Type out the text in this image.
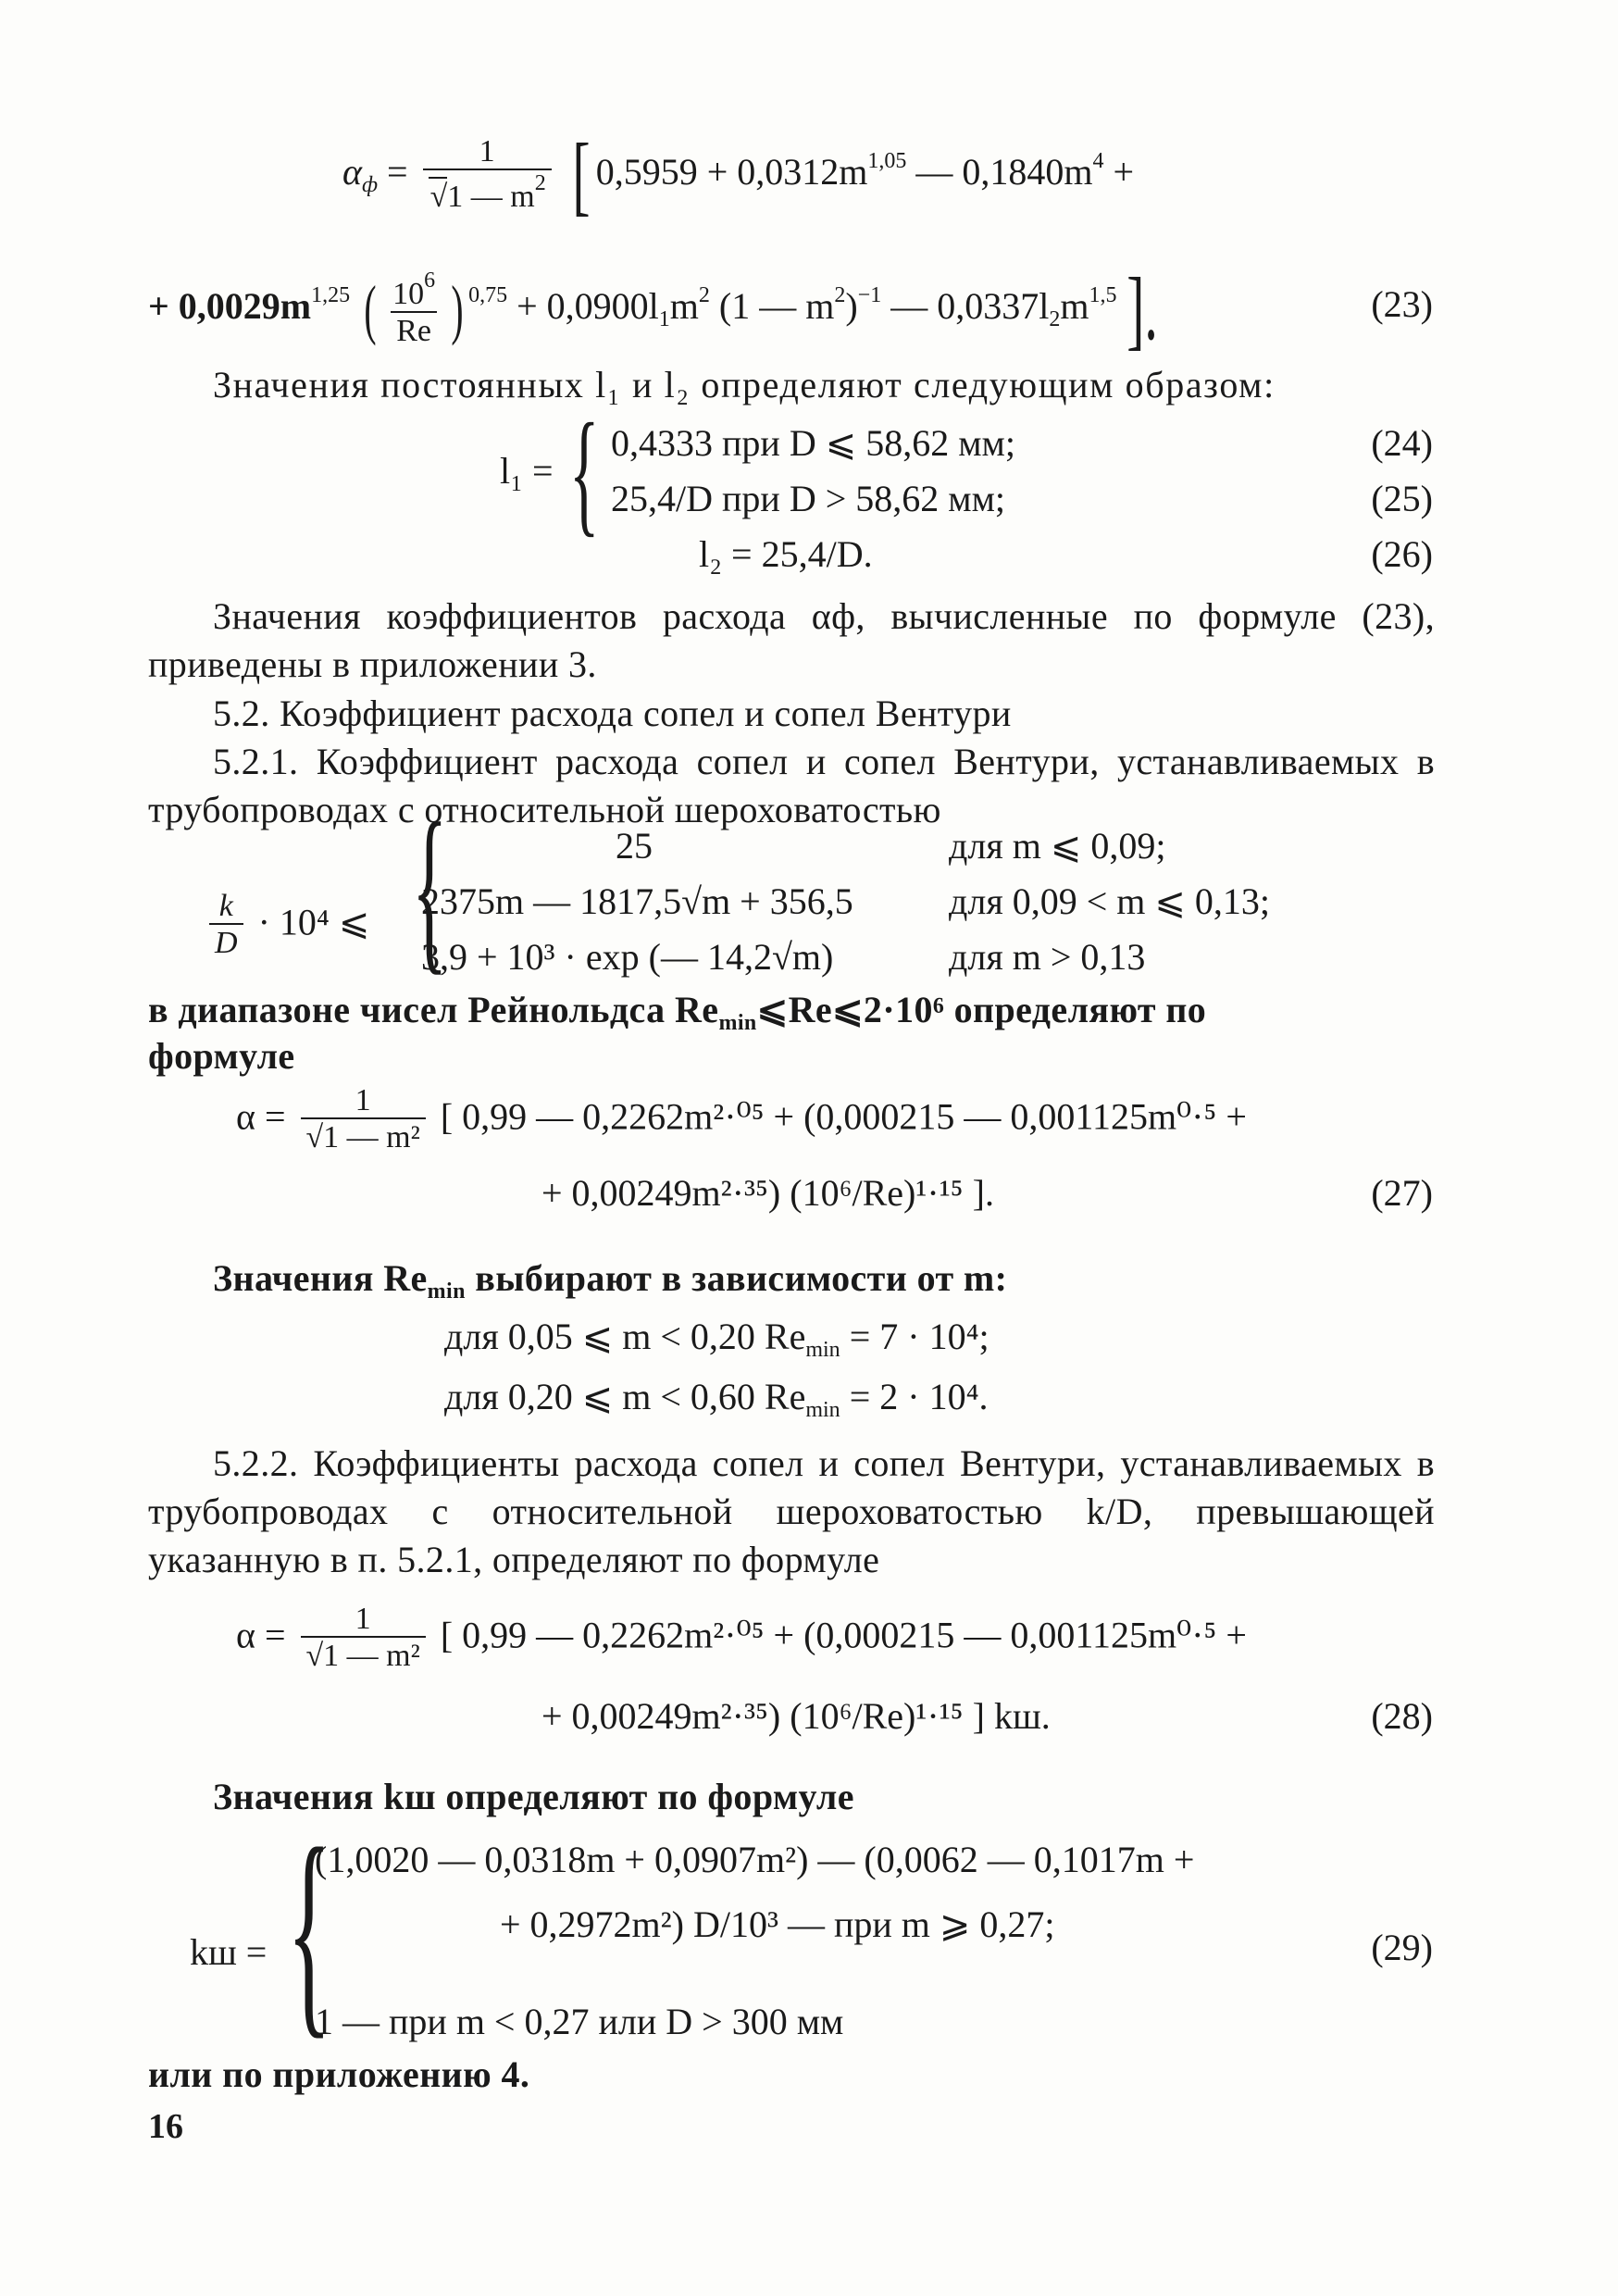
$\alpha_ф = \frac{1}{√1 — m^2}$ [ $0,5959 + 0,0312m^{1,05}$ — $0,1840m^4$ +
+ $0,0029m^{1,25}$ ( $\frac{10^6}{Re}$ ) $^{0,75} + 0,0900l_1m^2$ (1 — $m^2)^{-1}$ — $0,0337l_2m^{1,5}$ ].	(23)
Значения постоянных l₁ и l₂ определяют следующим образом:
l₁ = { 0,4333 при D ⩽ 58,62 мм;
25,4/D при D > 58,62 мм;
l₂ = 25,4/D.
(24)
(25)
(26)
Значения коэффициентов расхода αф, вычисленные по формуле (23), приведены в приложении 3.
5.2. Коэффициент расхода сопел и сопел Вентури
5.2.1. Коэффициент расхода сопел и сопел Вентури, устанавливаемых в трубопроводах с относительной шероховатостью
$\frac{k}{D} \cdot 10^4$ ⩽ {	25	для m ⩽ 0,09;
2375m — 1817,5√m + 356,5	для 0,09 < m ⩽ 0,13;
3,9 + 10³ · exp (— 14,2√m)	для m > 0,13
в диапазоне чисел Рейнольдса $Re_{min}⩽Re⩽2\cdot 10^6$ определяют по
формуле
$\alpha = \frac{1}{\text{√1 — m²}}$ [ 0,99 — 0,2262m²·⁰⁵ + (0,000215 — 0,001125m⁰·⁵ +
+ 0,00249m²·³⁵) (10⁶/Re)¹·¹⁵ ].	(27)
Значения $Re_{min}$ выбирают в зависимости от m:
для 0,05 ⩽ m < 0,20 $Re_{min} = 7 \cdot 10^4$;
для 0,20 ⩽ m < 0,60 $Re_{min} = 2 \cdot 10^4$.
5.2.2. Коэффициенты расхода сопел и сопел Вентури, устанавливаемых в трубопроводах с относительной шероховатостью k/D, превышающей указанную в п. 5.2.1, определяют по формуле
$\alpha = \frac{1}{\text{√1 — m²}}$ [ 0,99 — 0,2262m²·⁰⁵ + (0,000215 — 0,001125m⁰·⁵ +
+ 0,00249m²·³⁵) (10⁶/Re)¹·¹⁵ ] kш.	(28)
Значения kш определяют по формуле
kш = {
(1,0020 — 0,0318m + 0,0907m²) — (0,0062 — 0,1017m +
+ 0,2972m²) D/10³ — при m ⩾ 0,27;
1 — при m < 0,27 или D > 300 мм
(29)
или по приложению 4.
16
